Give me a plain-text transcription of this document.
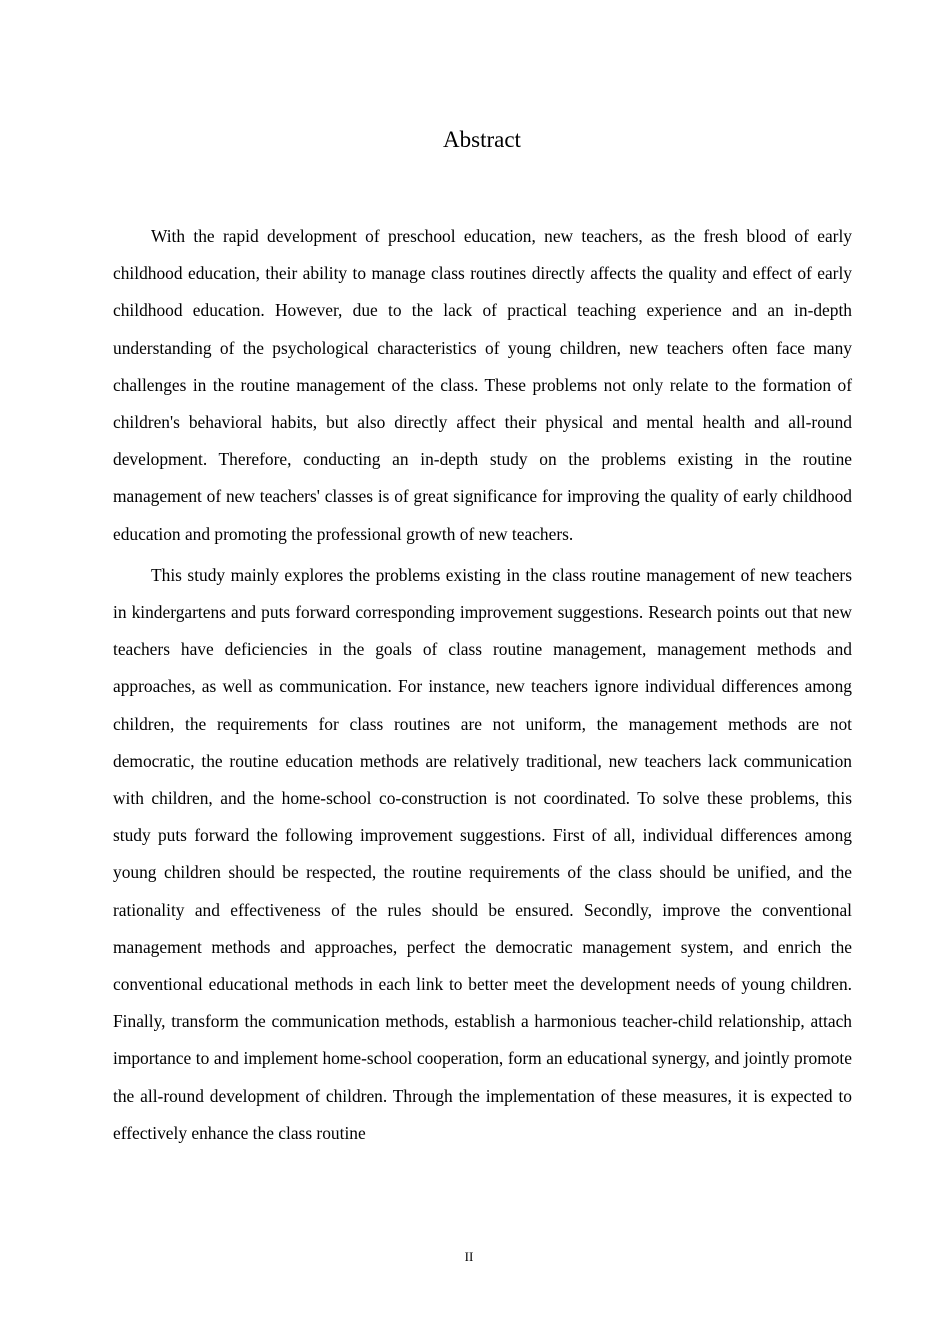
Abstract

With the rapid development of preschool education, new teachers, as the fresh blood of early childhood education, their ability to manage class routines directly affects the quality and effect of early childhood education. However, due to the lack of practical teaching experience and an in-depth understanding of the psychological characteristics of young children, new teachers often face many challenges in the routine management of the class. These problems not only relate to the formation of children's behavioral habits, but also directly affect their physical and mental health and all-round development. Therefore, conducting an in-depth study on the problems existing in the routine management of new teachers' classes is of great significance for improving the quality of early childhood education and promoting the professional growth of new teachers.

This study mainly explores the problems existing in the class routine management of new teachers in kindergartens and puts forward corresponding improvement suggestions. Research points out that new teachers have deficiencies in the goals of class routine management, management methods and approaches, as well as communication. For instance, new teachers ignore individual differences among children, the requirements for class routines are not uniform, the management methods are not democratic, the routine education methods are relatively traditional, new teachers lack communication with children, and the home-school co-construction is not coordinated. To solve these problems, this study puts forward the following improvement suggestions. First of all, individual differences among young children should be respected, the routine requirements of the class should be unified, and the rationality and effectiveness of the rules should be ensured. Secondly, improve the conventional management methods and approaches, perfect the democratic management system, and enrich the conventional educational methods in each link to better meet the development needs of young children. Finally, transform the communication methods, establish a harmonious teacher-child relationship, attach importance to and implement home-school cooperation, form an educational synergy, and jointly promote the all-round development of children. Through the implementation of these measures, it is expected to effectively enhance the class routine

II
